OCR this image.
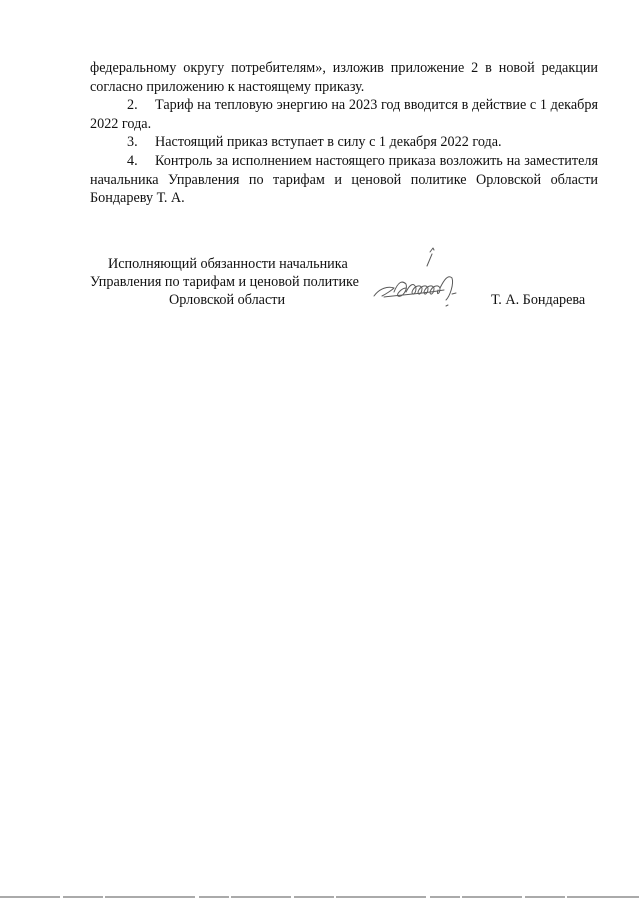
федеральному округу потребителям», изложив приложение 2 в новой редакции согласно приложению к настоящему приказу.

2. Тариф на тепловую энергию на 2023 год вводится в действие с 1 декабря 2022 года.

3. Настоящий приказ вступает в силу с 1 декабря 2022 года.

4. Контроль за исполнением настоящего приказа возложить на заместителя начальника Управления по тарифам и ценовой политике Орловской области Бондареву Т. А.

Исполняющий обязанности начальника
Управления по тарифам и ценовой политике
Орловской области	Т. А. Бондарева
